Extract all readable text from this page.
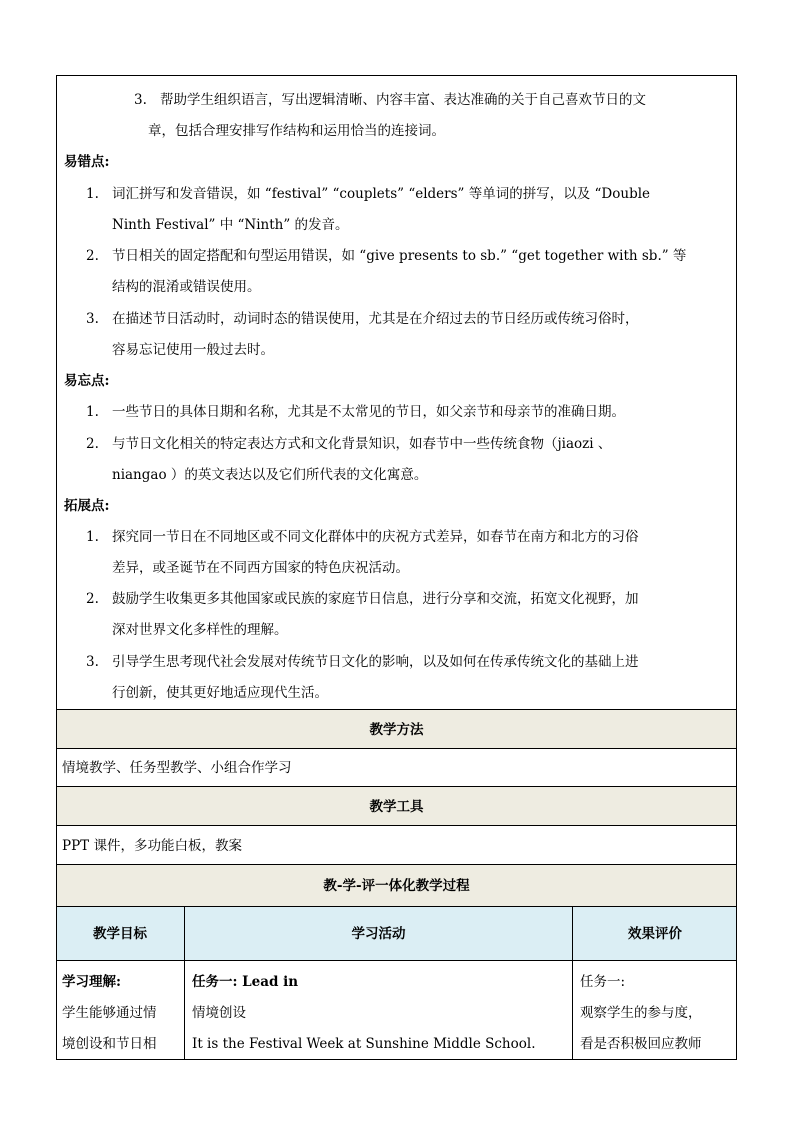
3. 帮助学生组织语言，写出逻辑清晰、内容丰富、表达准确的关于自己喜欢节日的文
章，包括合理安排写作结构和运用恰当的连接词。
易错点:
1. 词汇拼写和发音错误，如 “festival” “couplets” “elders” 等单词的拼写，以及 “Double
Ninth Festival” 中 “Ninth” 的发音。
2. 节日相关的固定搭配和句型运用错误，如 “give presents to sb.” “get together with sb.” 等
结构的混淆或错误使用。
3. 在描述节日活动时，动词时态的错误使用，尤其是在介绍过去的节日经历或传统习俗时，
容易忘记使用一般过去时。
易忘点:
1. 一些节日的具体日期和名称，尤其是不太常见的节日，如父亲节和母亲节的准确日期。
2. 与节日文化相关的特定表达方式和文化背景知识，如春节中一些传统食物（jiaozi 、
niangao ）的英文表达以及它们所代表的文化寓意。
拓展点:
1. 探究同一节日在不同地区或不同文化群体中的庆祝方式差异，如春节在南方和北方的习俗
差异，或圣诞节在不同西方国家的特色庆祝活动。
2. 鼓励学生收集更多其他国家或民族的家庭节日信息，进行分享和交流，拓宽文化视野，加
深对世界文化多样性的理解。
3. 引导学生思考现代社会发展对传统节日文化的影响，以及如何在传承传统文化的基础上进
行创新，使其更好地适应现代生活。
教学方法
情境教学、任务型教学、小组合作学习
教学工具
PPT 课件，多功能白板，教案
教-学-评一体化教学过程
教学目标	学习活动	效果评价
学习理解:
学生能够通过情
境创设和节日相
任务一: Lead in
情境创设
It is the Festival Week at Sunshine Middle School.
任务一:
观察学生的参与度，
看是否积极回应教师
